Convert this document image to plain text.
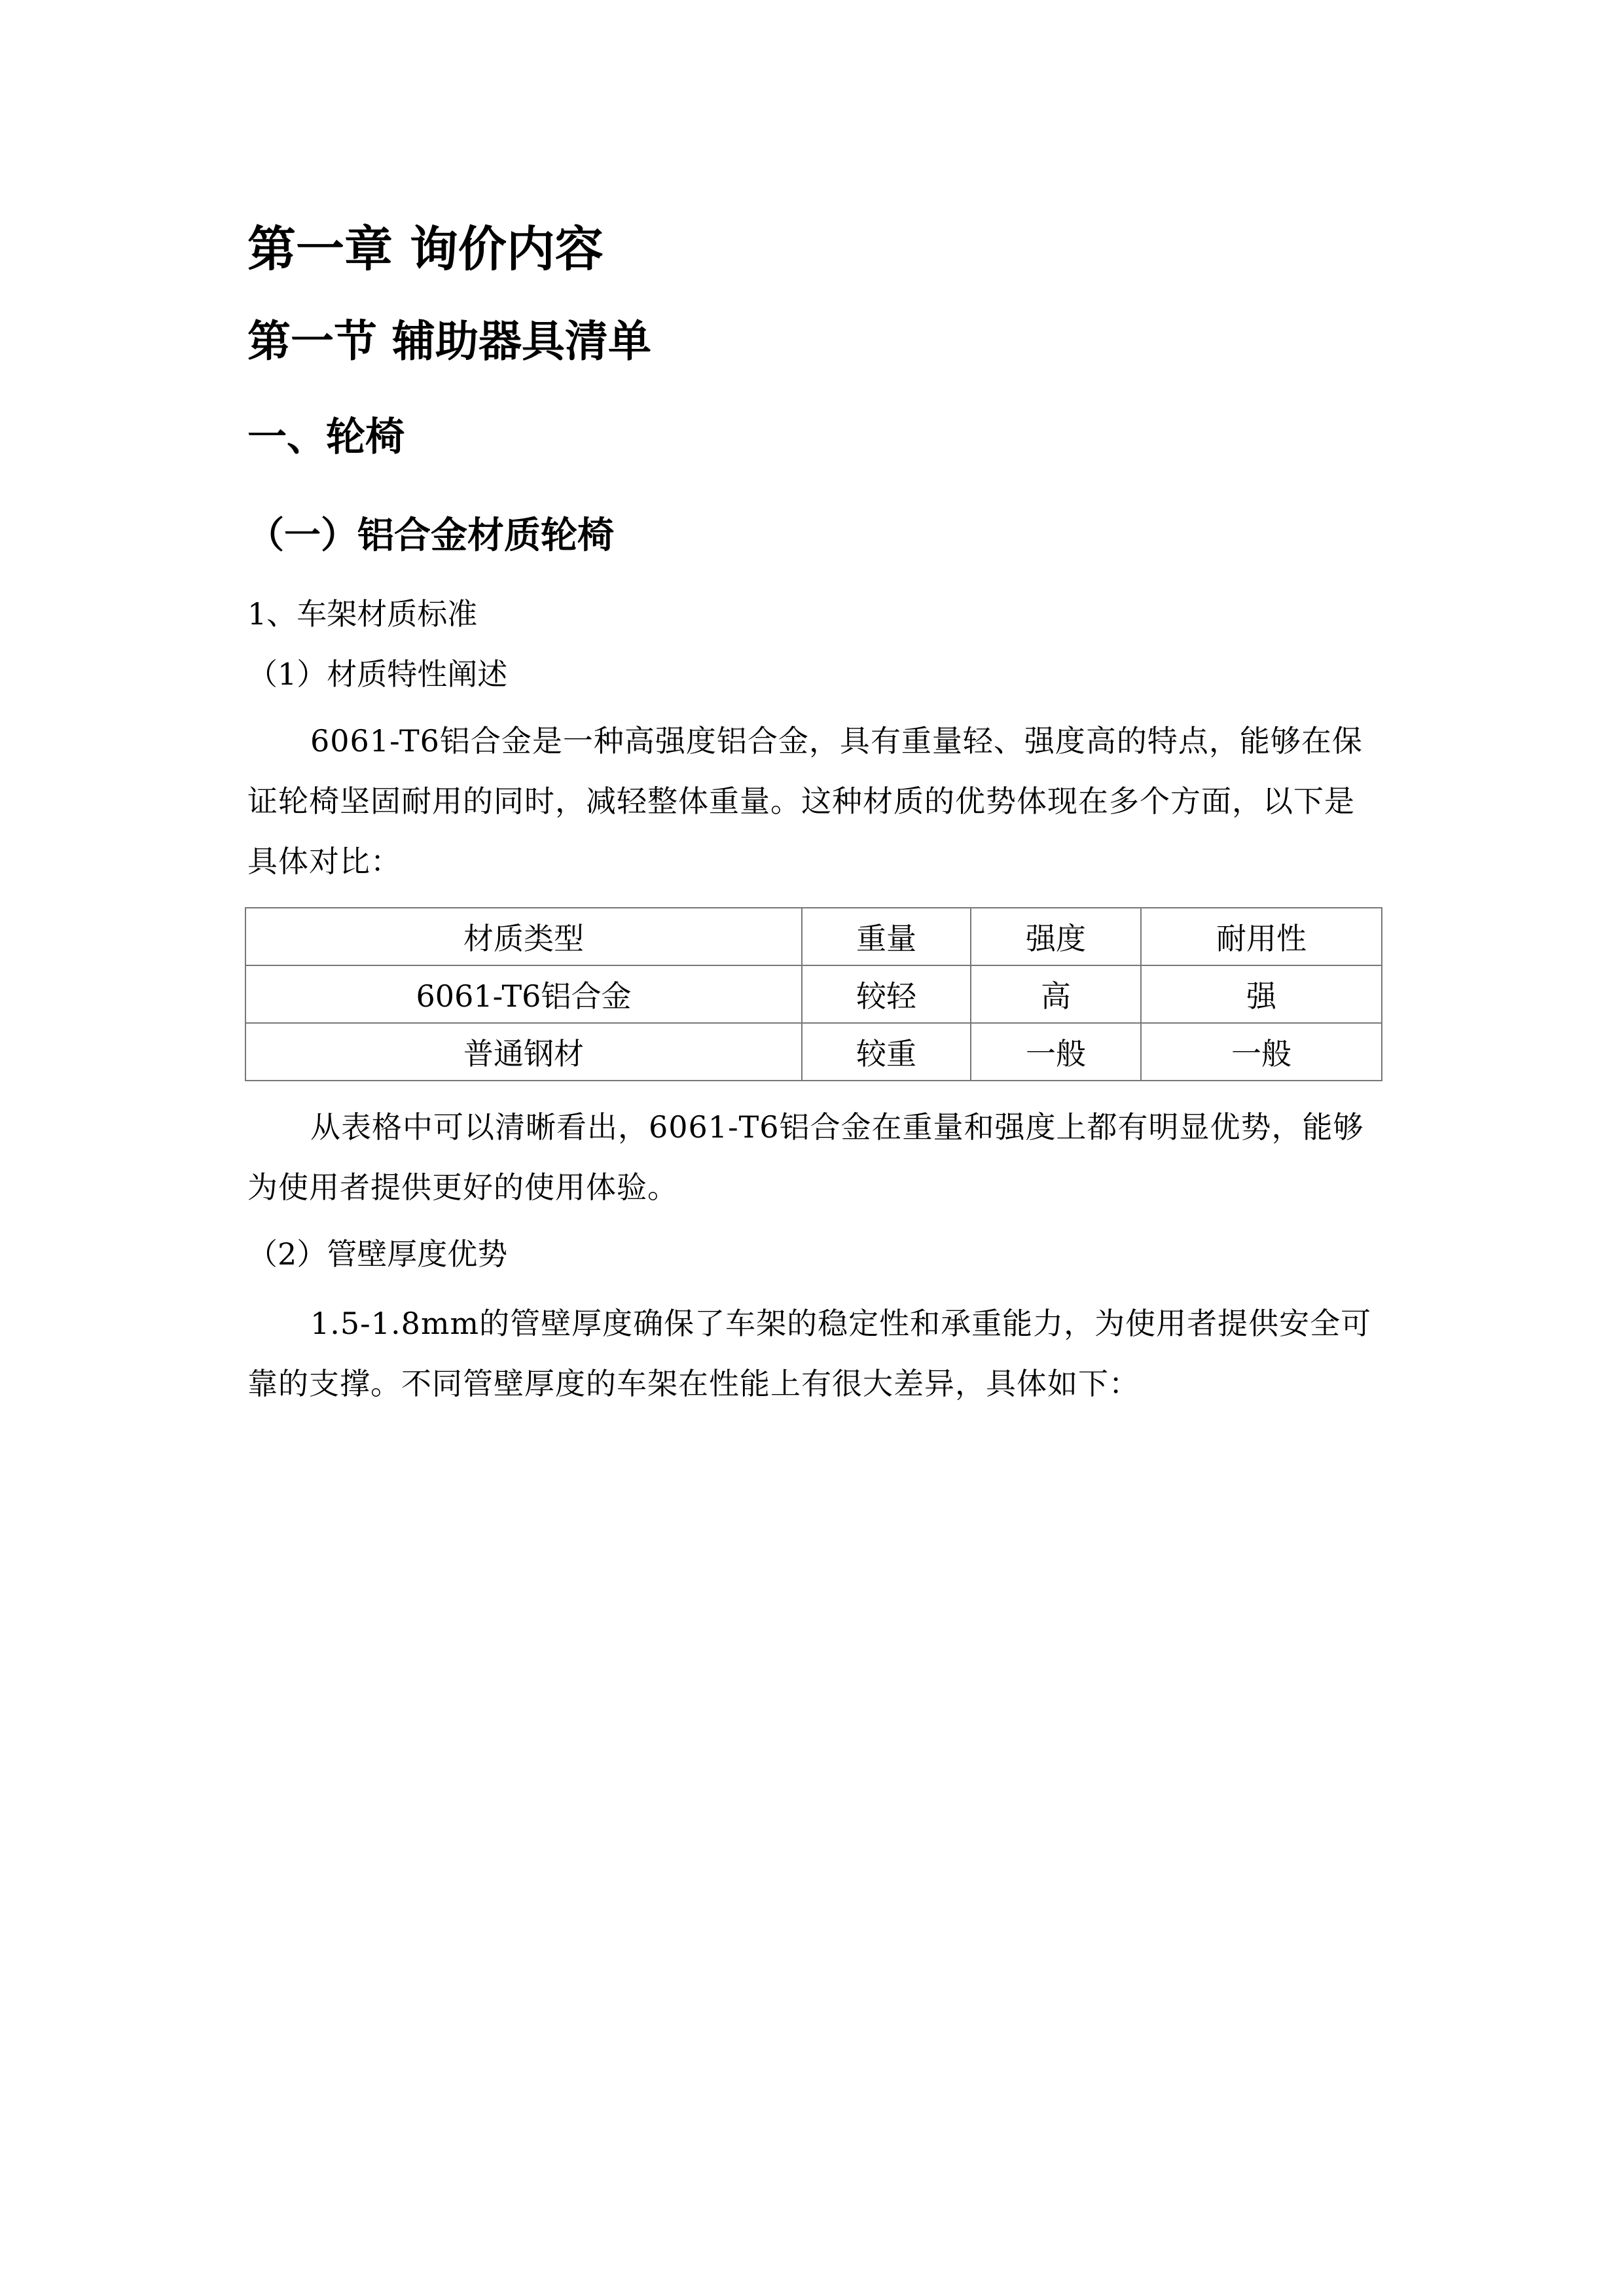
第一章 询价内容
第一节 辅助器具清单
一、轮椅
（一）铝合金材质轮椅

1、车架材质标准

（1）材质特性阐述

6061-T6铝合金是一种高强度铝合金，具有重量轻、强度高的特点，能够在保证轮椅坚固耐用的同时，减轻整体重量。这种材质的优势体现在多个方面，以下是具体对比：

材质类型	重量	强度	耐用性
6061-T6铝合金	较轻	高	强
普通钢材	较重	一般	一般

从表格中可以清晰看出，6061-T6铝合金在重量和强度上都有明显优势，能够为使用者提供更好的使用体验。

（2）管壁厚度优势

1.5-1.8mm的管壁厚度确保了车架的稳定性和承重能力，为使用者提供安全可靠的支撑。不同管壁厚度的车架在性能上有很大差异，具体如下：
